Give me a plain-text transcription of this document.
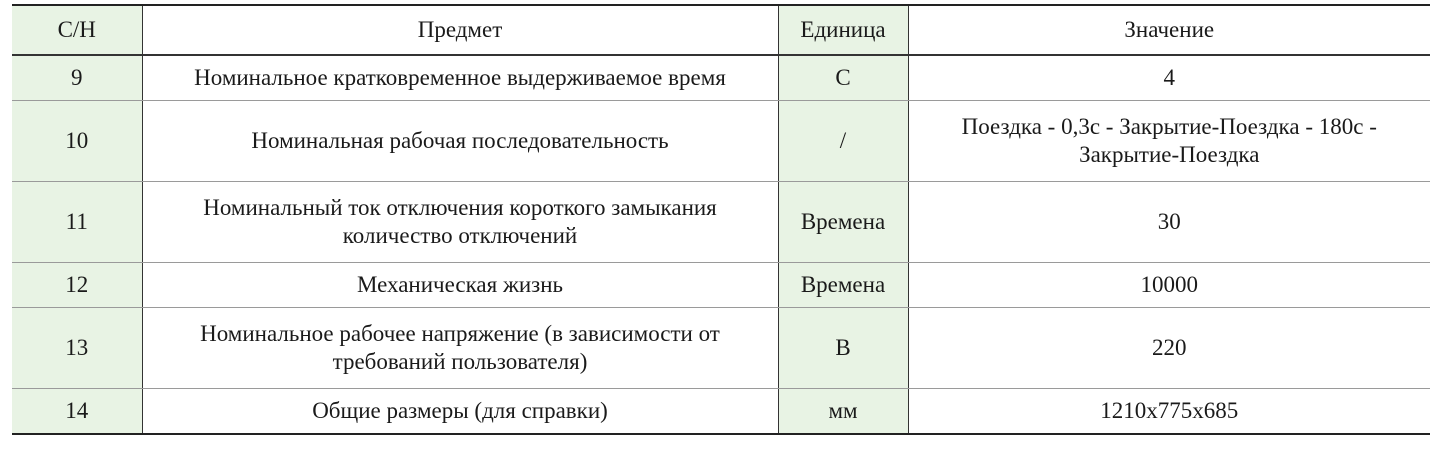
С/Н	Предмет	Единица	Значение
9	Номинальное кратковременное выдерживаемое время	С	4
10	Номинальная рабочая последовательность	/	Поездка - 0,3с - Закрытие-Поездка - 180с -
Закрытие-Поездка
11	Номинальный ток отключения короткого замыкания
количество отключений	Времена	30
12	Механическая жизнь	Времена	10000
13	Номинальное рабочее напряжение (в зависимости от
требований пользователя)	В	220
14	Общие размеры (для справки)	мм	1210x775x685
